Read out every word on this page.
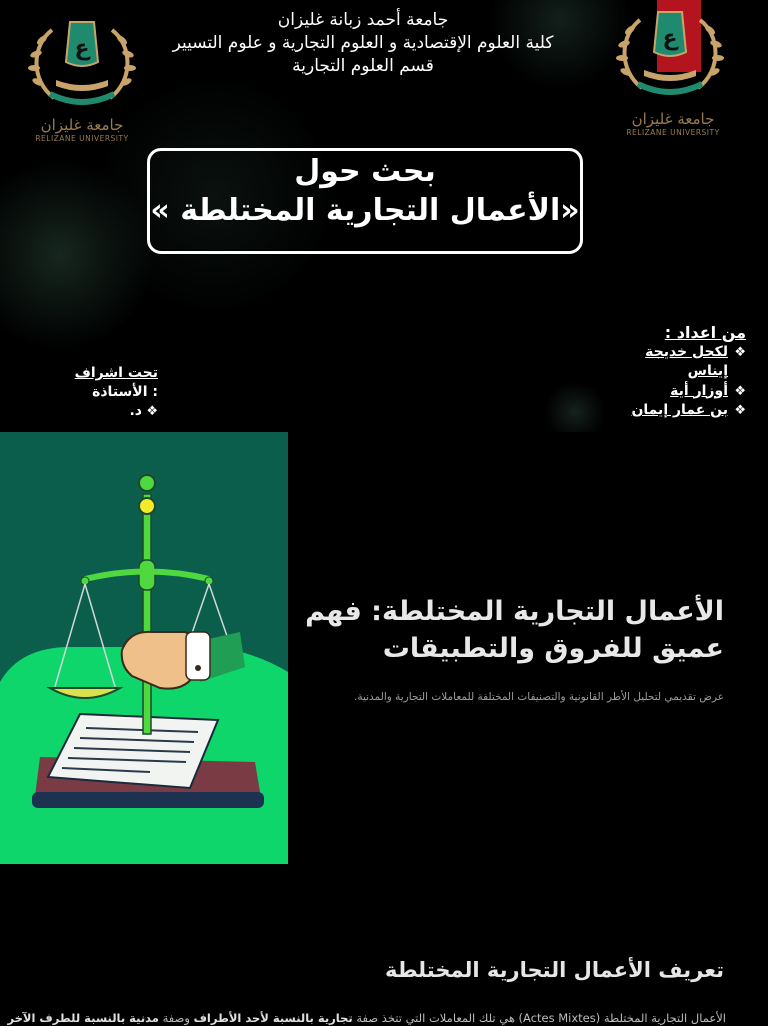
ع
جامعة غليزان
RELIZANE UNIVERSITY
ع
جامعة غليزان
RELIZANE UNIVERSITY
جامعة أحمد زبانة غليزان
كلية العلوم الإقتصادية و العلوم التجارية و علوم التسيير
قسم العلوم التجارية
بحث حول
«الأعمال التجارية المختلطة »
من اعداد :
❖
لكحل خديجة
إيناس
❖
أوزار أية
❖
بن عمار إيمان
تحت اشراف
: الأستاذة
❖
د.
الأعمال التجارية المختلطة: فهم عميق للفروق والتطبيقات
عرض تقديمي لتحليل الأطر القانونية والتصنيفات المختلفة للمعاملات التجارية والمدنية.
تعريف الأعمال التجارية المختلطة
الأعمال التجارية المختلطة (Actes Mixtes) هي تلك المعاملات التي تتخذ صفة تجارية بالنسبة لأحد الأطراف وصفة مدنية بالنسبة للطرف الآخر
